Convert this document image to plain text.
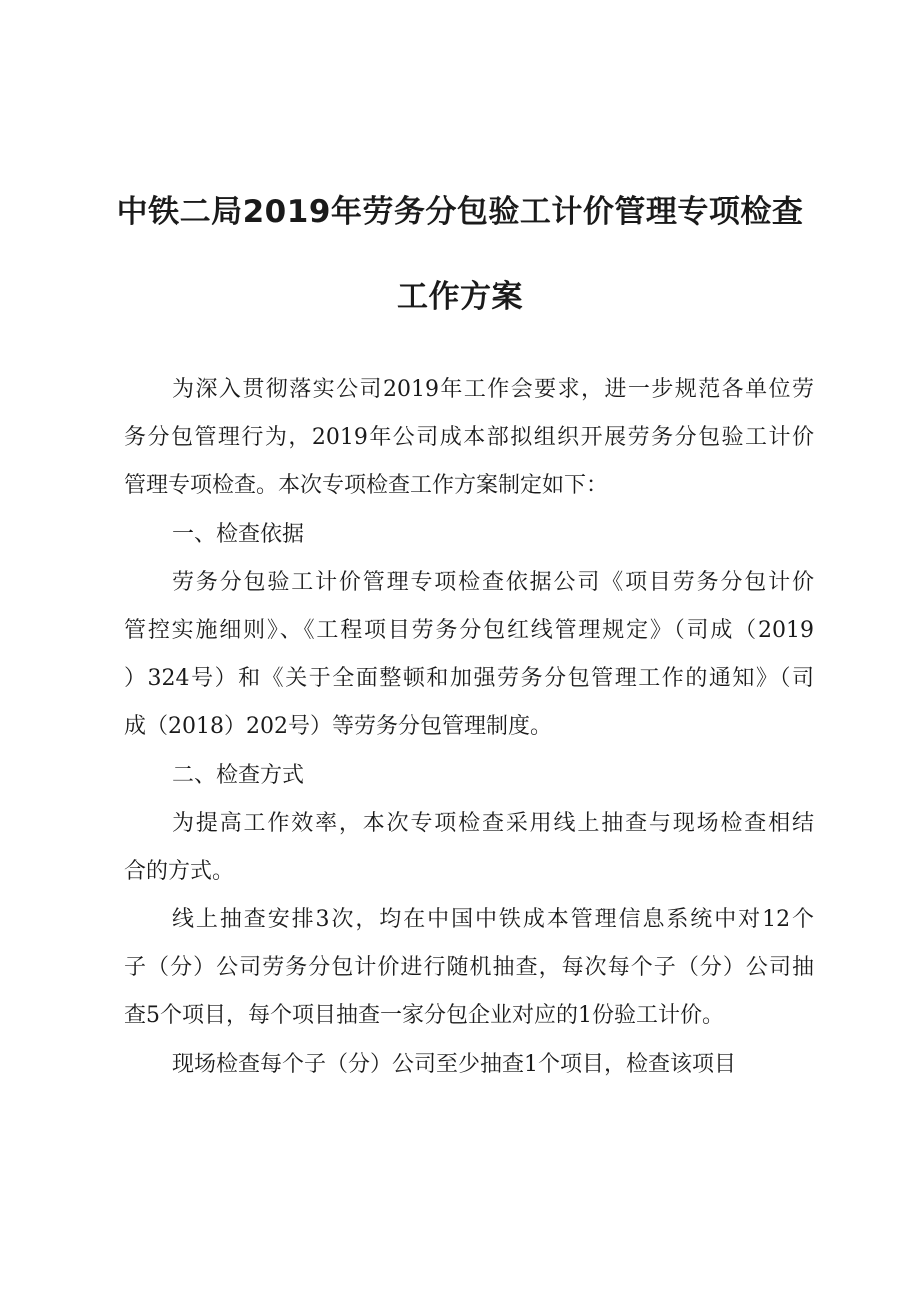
中铁二局2019年劳务分包验工计价管理专项检查
工作方案
为深入贯彻落实公司2019年工作会要求，进一步规范各单位劳
务分包管理行为，2019年公司成本部拟组织开展劳务分包验工计价
管理专项检查。本次专项检查工作方案制定如下：
一、检查依据
劳务分包验工计价管理专项检查依据公司《项目劳务分包计价
管控实施细则》、《工程项目劳务分包红线管理规定》（司成（2019
）324号）和《关于全面整顿和加强劳务分包管理工作的通知》（司
成（2018）202号）等劳务分包管理制度。
二、检查方式
为提高工作效率，本次专项检查采用线上抽查与现场检查相结
合的方式。
线上抽查安排3次，均在中国中铁成本管理信息系统中对12个
子（分）公司劳务分包计价进行随机抽查，每次每个子（分）公司抽
查5个项目，每个项目抽查一家分包企业对应的1份验工计价。
现场检查每个子（分）公司至少抽查1个项目，检查该项目
